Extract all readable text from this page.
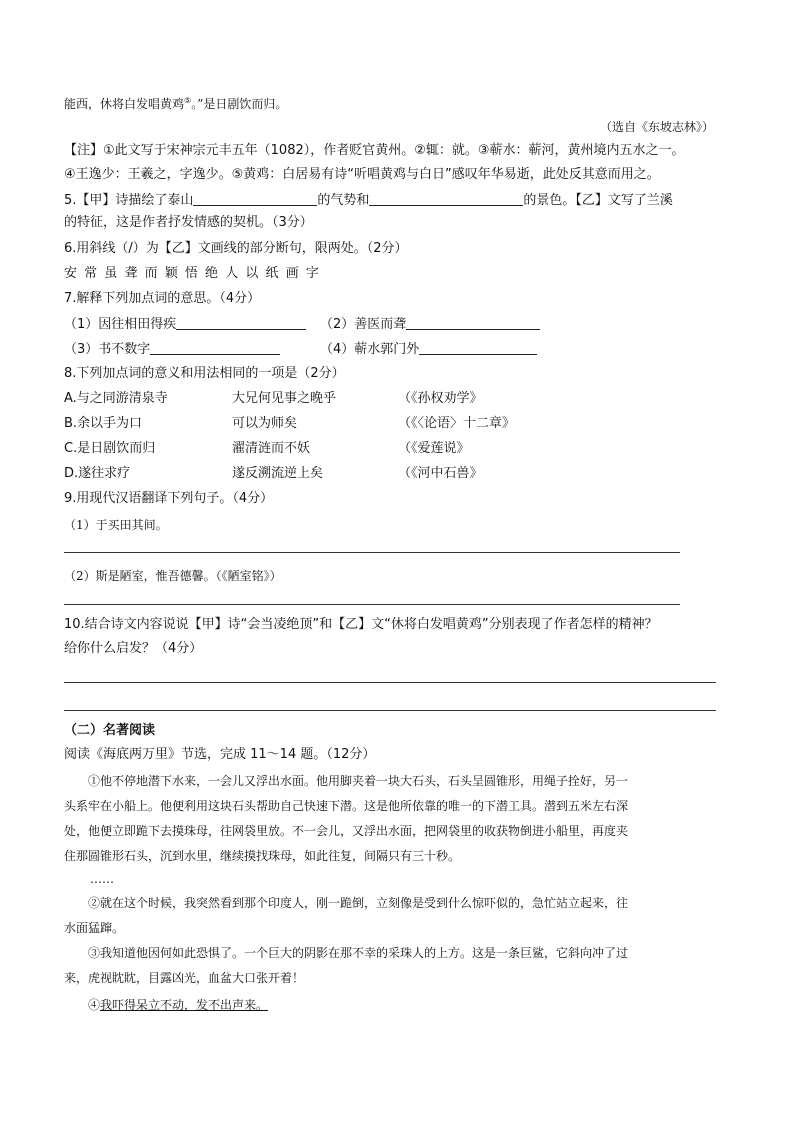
能西，休将白发唱黄鸡⑤。”是日剧饮而归。
（选自《东坡志林》）
【注】①此文写于宋神宗元丰五年（1082），作者贬官黄州。②辄：就。③蕲水：蕲河，黄州境内五水之一。
④王逸少：王羲之，字逸少。⑤黄鸡：白居易有诗“听唱黄鸡与白日”感叹年华易逝，此处反其意而用之。
5.【甲】诗描绘了泰山	的气势和	的景色。【乙】文写了兰溪
的特征，这是作者抒发情感的契机。（3分）
6.用斜线（/）为【乙】文画线的部分断句，限两处。（2分）
安常虽聋而颖悟绝人以纸画字
7.解释下列加点词的意思。（4分）
（1）因往相田得疾	（2）善医而聋
（3）书不数字	（4）蕲水郭门外
8.下列加点词的意义和用法相同的一项是（2分）
A.与之同游清泉寺	大兄何见事之晚乎	（《孙权劝学》
B.余以手为口	可以为师矣	（《〈论语〉十二章》
C.是日剧饮而归	濯清涟而不妖	（《爱莲说》
D.遂往求疗	遂反溯流逆上矣	（《河中石兽》
9.用现代汉语翻译下列句子。（4分）
（1）于买田其间。
（2）斯是陋室，惟吾德馨。（《陋室铭》）
10.结合诗文内容说说【甲】诗“会当凌绝顶”和【乙】文“休将白发唱黄鸡”分别表现了作者怎样的精神？
给你什么启发？（4分）
（二）名著阅读
阅读《海底两万里》节选，完成 11～14 题。（12分）
①他不停地潜下水来，一会儿又浮出水面。他用脚夹着一块大石头，石头呈圆锥形，用绳子拴好，另一
头系牢在小船上。他便利用这块石头帮助自己快速下潜。这是他所依靠的唯一的下潜工具。潜到五米左右深
处，他便立即跪下去摸珠母，往网袋里放。不一会儿，又浮出水面，把网袋里的收获物倒进小船里，再度夹
住那圆锥形石头，沉到水里，继续摸找珠母，如此往复，间隔只有三十秒。
……
②就在这个时候，我突然看到那个印度人，刚一跪倒，立刻像是受到什么惊吓似的，急忙站立起来，往
水面猛蹿。
③我知道他因何如此恐惧了。一个巨大的阴影在那不幸的采珠人的上方。这是一条巨鲨，它斜向冲了过
来，虎视眈眈，目露凶光，血盆大口张开着！
④我吓得呆立不动，发不出声来。
